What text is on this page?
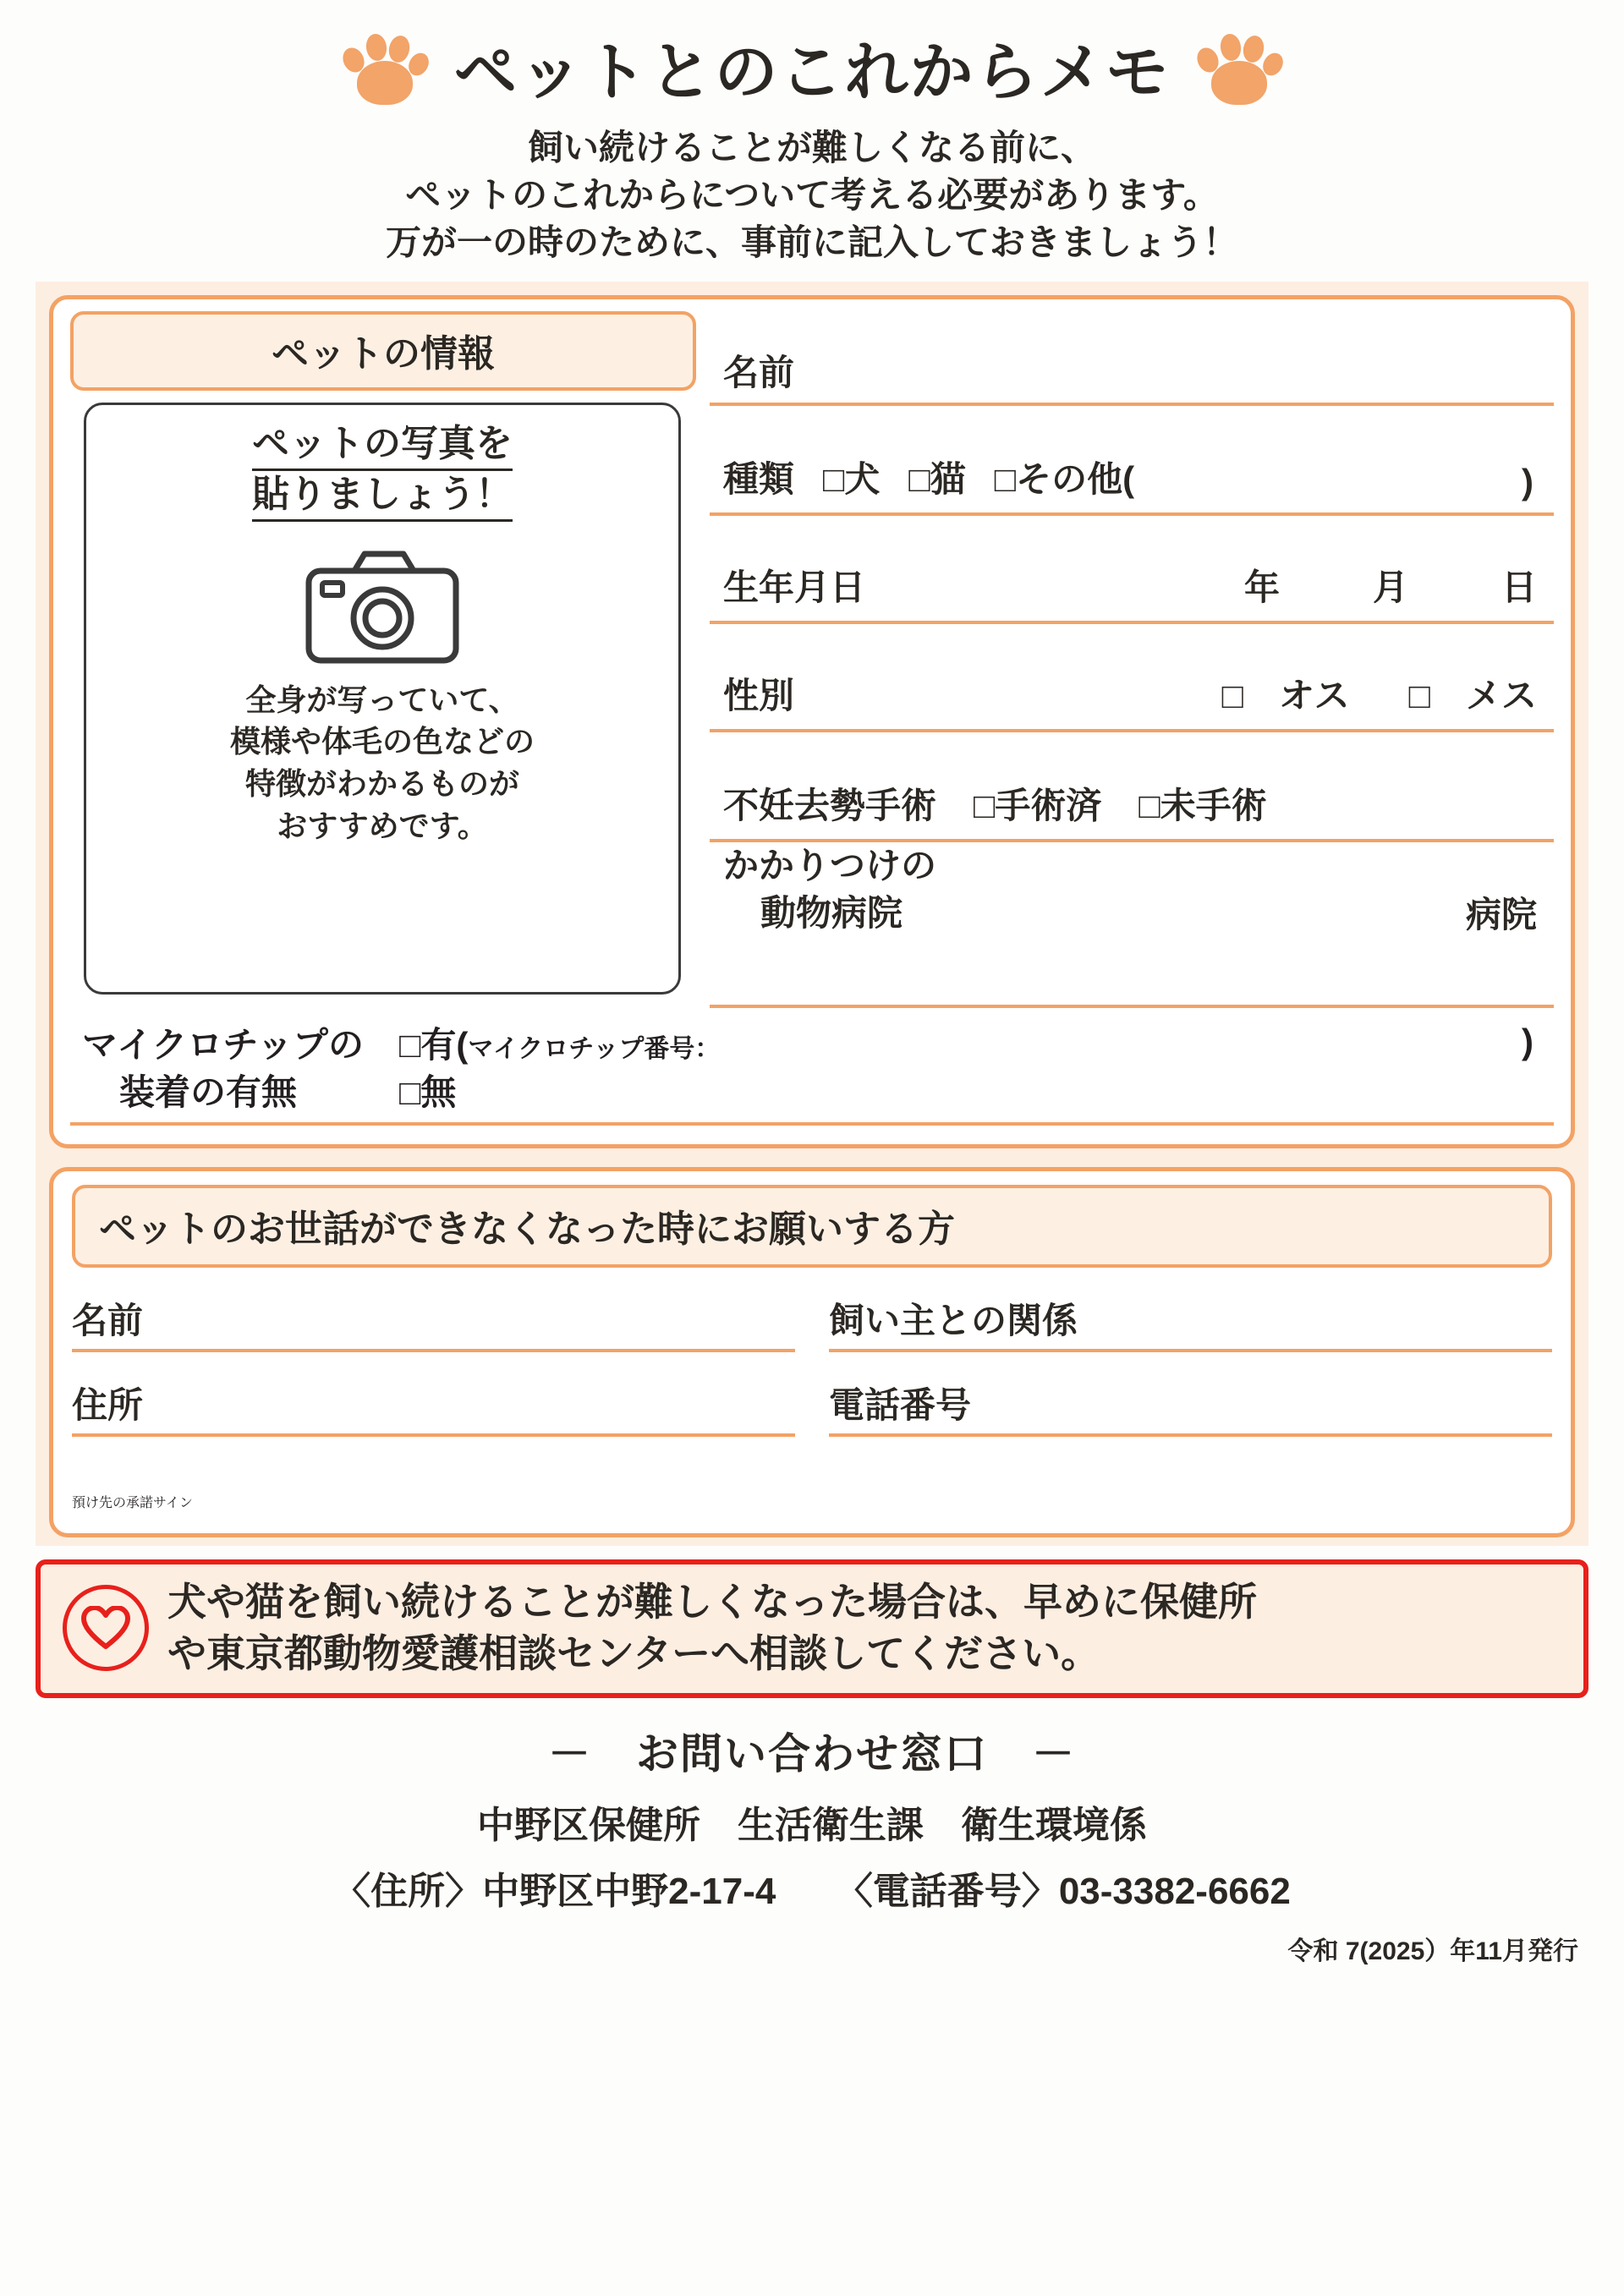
ペットとのこれからメモ
飼い続けることが難しくなる前に、
ペットのこれからについて考える必要があります。
万が一の時のために、事前に記入しておきましょう！
ペットの情報
ペットの写真を
貼りましょう！
全身が写っていて、
模様や体毛の色などの
特徴がわかるものが
おすすめです。
名前
種類 □犬 □猫 □その他(	)
生年月日	年	月	日
性別	□　オス □　メス
不妊去勢手術 □手術済 □未手術
かかりつけの
動物病院	病院
マイクロチップの
装着の有無
□有(マイクロチップ番号：
□無
)
ペットのお世話ができなくなった時にお願いする方
名前	飼い主との関係
住所	電話番号
預け先の承諾サイン
犬や猫を飼い続けることが難しくなった場合は、早めに保健所
や東京都動物愛護相談センターへ相談してください。
－　お問い合わせ窓口　－
中野区保健所　生活衛生課　衛生環境係
〈住所〉中野区中野2-17-4 〈電話番号〉03-3382-6662
令和 7(2025）年11月発行
